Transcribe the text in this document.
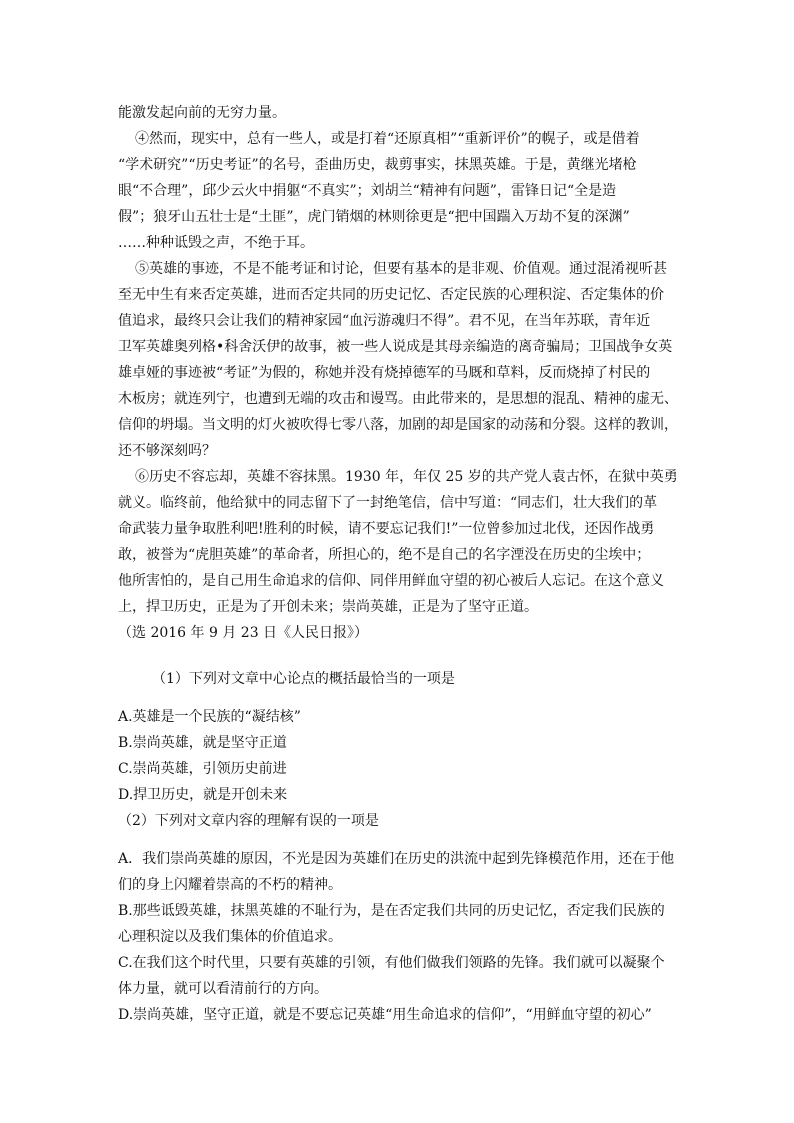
能激发起向前的无穷力量。
④然而，现实中，总有一些人，或是打着“还原真相”“重新评价”的幌子，或是借着
“学术研究”“历史考证”的名号，歪曲历史，裁剪事实，抹黑英雄。于是，黄继光堵枪
眼“不合理”，邱少云火中捐躯“不真实”；刘胡兰“精神有问题”，雷锋日记“全是造
假”；狼牙山五壮士是“土匪”，虎门销烟的林则徐更是“把中国踹入万劫不复的深渊”
……种种诋毁之声，不绝于耳。
⑤英雄的事迹，不是不能考证和讨论，但要有基本的是非观、价值观。通过混淆视听甚
至无中生有来否定英雄，进而否定共同的历史记忆、否定民族的心理积淀、否定集体的价
值追求，最终只会让我们的精神家园“血污游魂归不得”。君不见，在当年苏联，青年近
卫军英雄奥列格•科舍沃伊的故事，被一些人说成是其母亲编造的离奇骗局；卫国战争女英
雄卓娅的事迹被“考证”为假的，称她并没有烧掉德军的马厩和草料，反而烧掉了村民的
木板房；就连列宁，也遭到无端的攻击和谩骂。由此带来的，是思想的混乱、精神的虚无、
信仰的坍塌。当文明的灯火被吹得七零八落，加剧的却是国家的动荡和分裂。这样的教训，
还不够深刻吗？
⑥历史不容忘却，英雄不容抹黑。1930 年，年仅 25 岁的共产党人袁古怀，在狱中英勇
就义。临终前，他给狱中的同志留下了一封绝笔信，信中写道：“同志们，壮大我们的革
命武装力量争取胜利吧!胜利的时候，请不要忘记我们!”一位曾参加过北伐，还因作战勇
敢，被誉为“虎胆英雄”的革命者，所担心的，绝不是自己的名字湮没在历史的尘埃中；
他所害怕的，是自己用生命追求的信仰、同伴用鲜血守望的初心被后人忘记。在这个意义
上，捍卫历史，正是为了开创未来；崇尚英雄，正是为了坚守正道。
（选 2016 年 9 月 23 日《人民日报》）
（1）下列对文章中心论点的概括最恰当的一项是
A.英雄是一个民族的“凝结核”
B.崇尚英雄，就是坚守正道
C.崇尚英雄，引领历史前进
D.捍卫历史，就是开创未来
（2）下列对文章内容的理解有误的一项是
A．我们崇尚英雄的原因，不光是因为英雄们在历史的洪流中起到先锋模范作用，还在于他
们的身上闪耀着崇高的不朽的精神。
B.那些诋毁英雄，抹黑英雄的不耻行为，是在否定我们共同的历史记忆，否定我们民族的
心理积淀以及我们集体的价值追求。
C.在我们这个时代里，只要有英雄的引领，有他们做我们领路的先锋。我们就可以凝聚个
体力量，就可以看清前行的方向。
D.崇尚英雄，坚守正道，就是不要忘记英雄“用生命追求的信仰”，“用鲜血守望的初心”
